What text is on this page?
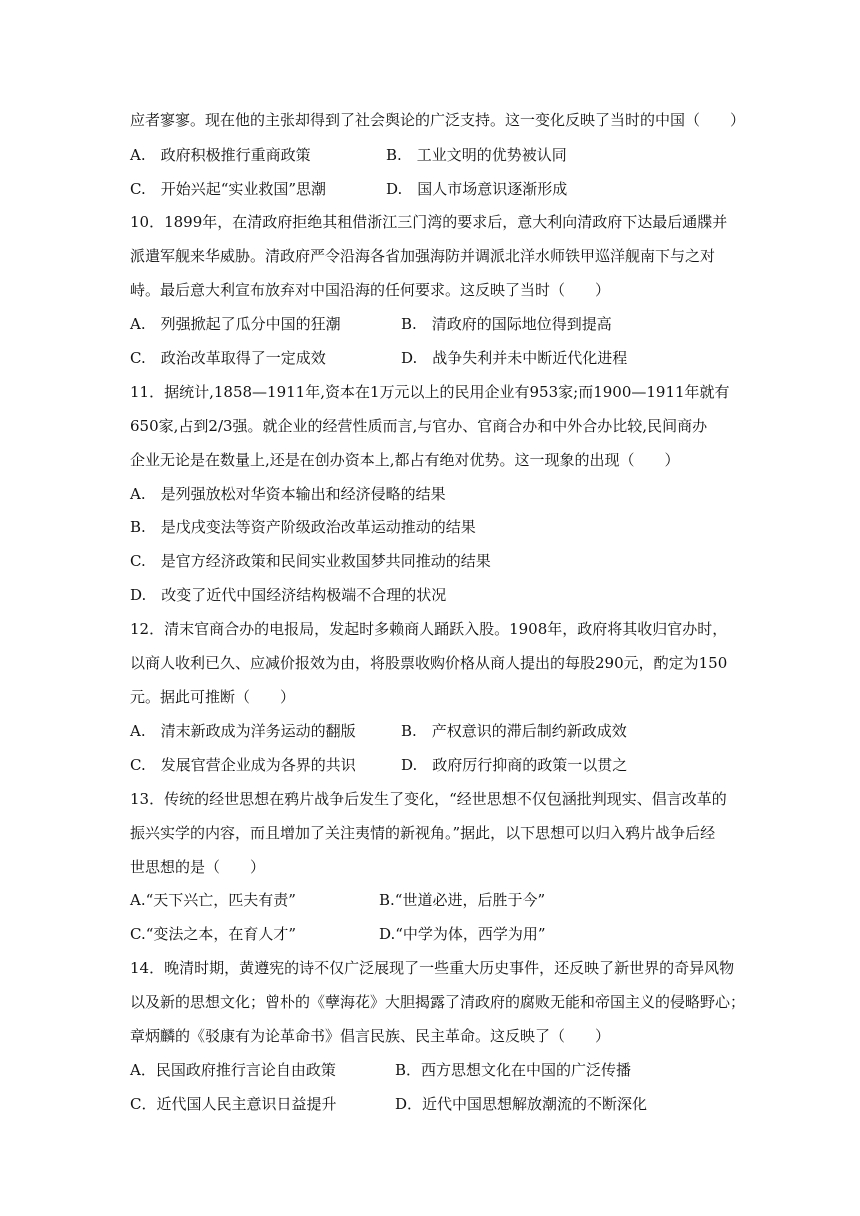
应者寥寥。现在他的主张却得到了社会舆论的广泛支持。这一变化反映了当时的中国（　　）
A.　政府积极推行重商政策	B.　工业文明的优势被认同
C.　开始兴起“实业救国”思潮	D.　国人市场意识逐渐形成
10．1899年，在清政府拒绝其租借浙江三门湾的要求后，意大利向清政府下达最后通牒并
派遣军舰来华威胁。清政府严令沿海各省加强海防并调派北洋水师铁甲巡洋舰南下与之对
峙。最后意大利宣布放弃对中国沿海的任何要求。这反映了当时（　　）
A.　列强掀起了瓜分中国的狂潮	B.　清政府的国际地位得到提高
C.　政治改革取得了一定成效	D.　战争失利并未中断近代化进程
11．据统计,1858—1911年,资本在1万元以上的民用企业有953家;而1900—1911年就有
650家,占到2/3强。就企业的经营性质而言,与官办、官商合办和中外合办比较,民间商办
企业无论是在数量上,还是在创办资本上,都占有绝对优势。这一现象的出现（　　）
A.　是列强放松对华资本输出和经济侵略的结果
B.　是戊戌变法等资产阶级政治改革运动推动的结果
C.　是官方经济政策和民间实业救国梦共同推动的结果
D.　改变了近代中国经济结构极端不合理的状况
12．清末官商合办的电报局，发起时多赖商人踊跃入股。1908年，政府将其收归官办时，
以商人收利已久、应减价报效为由，将股票收购价格从商人提出的每股290元，酌定为150
元。据此可推断（　　）
A.　清末新政成为洋务运动的翻版	B.　产权意识的滞后制约新政成效
C.　发展官营企业成为各界的共识	D.　政府厉行抑商的政策一以贯之
13．传统的经世思想在鸦片战争后发生了变化，“经世思想不仅包涵批判现实、倡言改革的
振兴实学的内容，而且增加了关注夷情的新视角。”据此，以下思想可以归入鸦片战争后经
世思想的是（　　）
A.“天下兴亡，匹夫有责”	B.“世道必进，后胜于今”
C.“变法之本，在育人才”	D.“中学为体，西学为用”
14．晚清时期，黄遵宪的诗不仅广泛展现了一些重大历史事件，还反映了新世界的奇异风物
以及新的思想文化；曾朴的《孽海花》大胆揭露了清政府的腐败无能和帝国主义的侵略野心；
章炳麟的《驳康有为论革命书》倡言民族、民主革命。这反映了（　　）
A．民国政府推行言论自由政策	B．西方思想文化在中国的广泛传播
C．近代国人民主意识日益提升	D．近代中国思想解放潮流的不断深化
